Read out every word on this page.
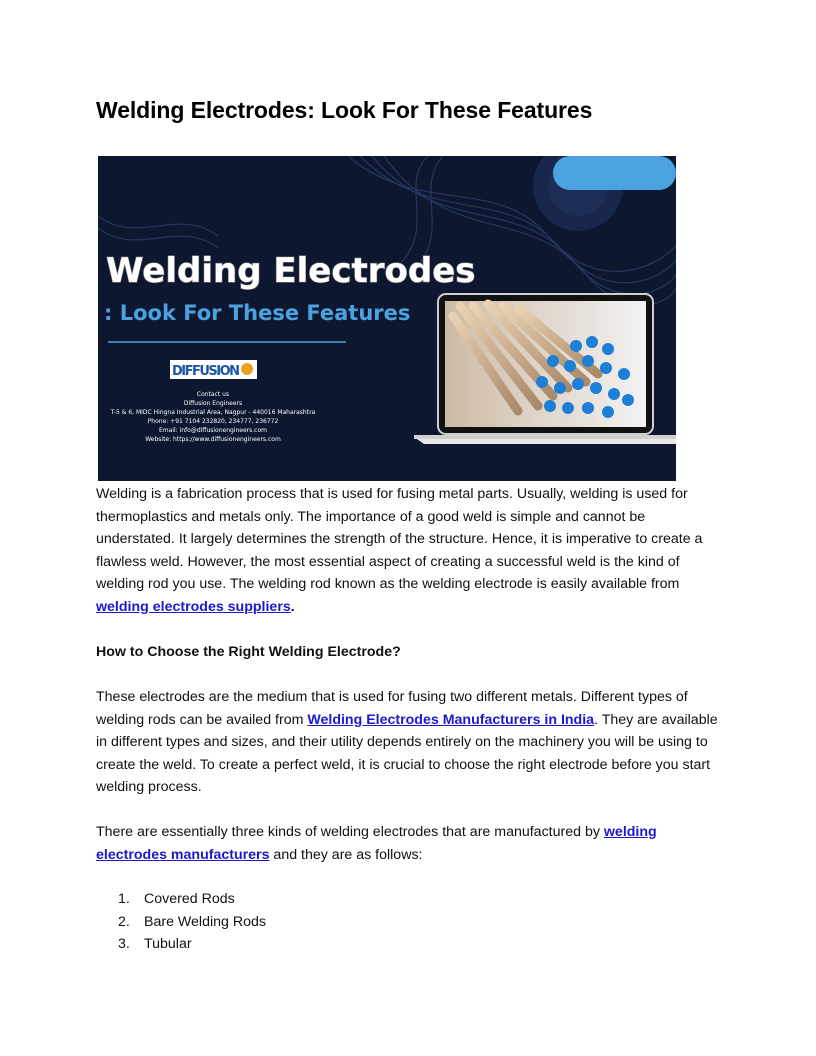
Welding Electrodes: Look For These Features
Welding Electrodes
: Look For These Features
DIFFUSION
Contact us
Diffusion Engineers
T-5 & 6, MIDC Hingna Industrial Area, Nagpur - 440016 Maharashtra
Phone: +91 7104 232820, 234777, 236772
Email: info@diffusionengineers.com
Website: https://www.diffusionengineers.com

Welding is a fabrication process that is used for fusing metal parts. Usually, welding is used for thermoplastics and metals only. The importance of a good weld is simple and cannot be understated. It largely determines the strength of the structure. Hence, it is imperative to create a flawless weld. However, the most essential aspect of creating a successful weld is the kind of welding rod you use. The welding rod known as the welding electrode is easily available from welding electrodes suppliers.

How to Choose the Right Welding Electrode?

These electrodes are the medium that is used for fusing two different metals. Different types of welding rods can be availed from Welding Electrodes Manufacturers in India. They are available in different types and sizes, and their utility depends entirely on the machinery you will be using to create the weld. To create a perfect weld, it is crucial to choose the right electrode before you start welding process.

There are essentially three kinds of welding electrodes that are manufactured by welding electrodes manufacturers and they are as follows:

1. Covered Rods
2. Bare Welding Rods
3. Tubular
